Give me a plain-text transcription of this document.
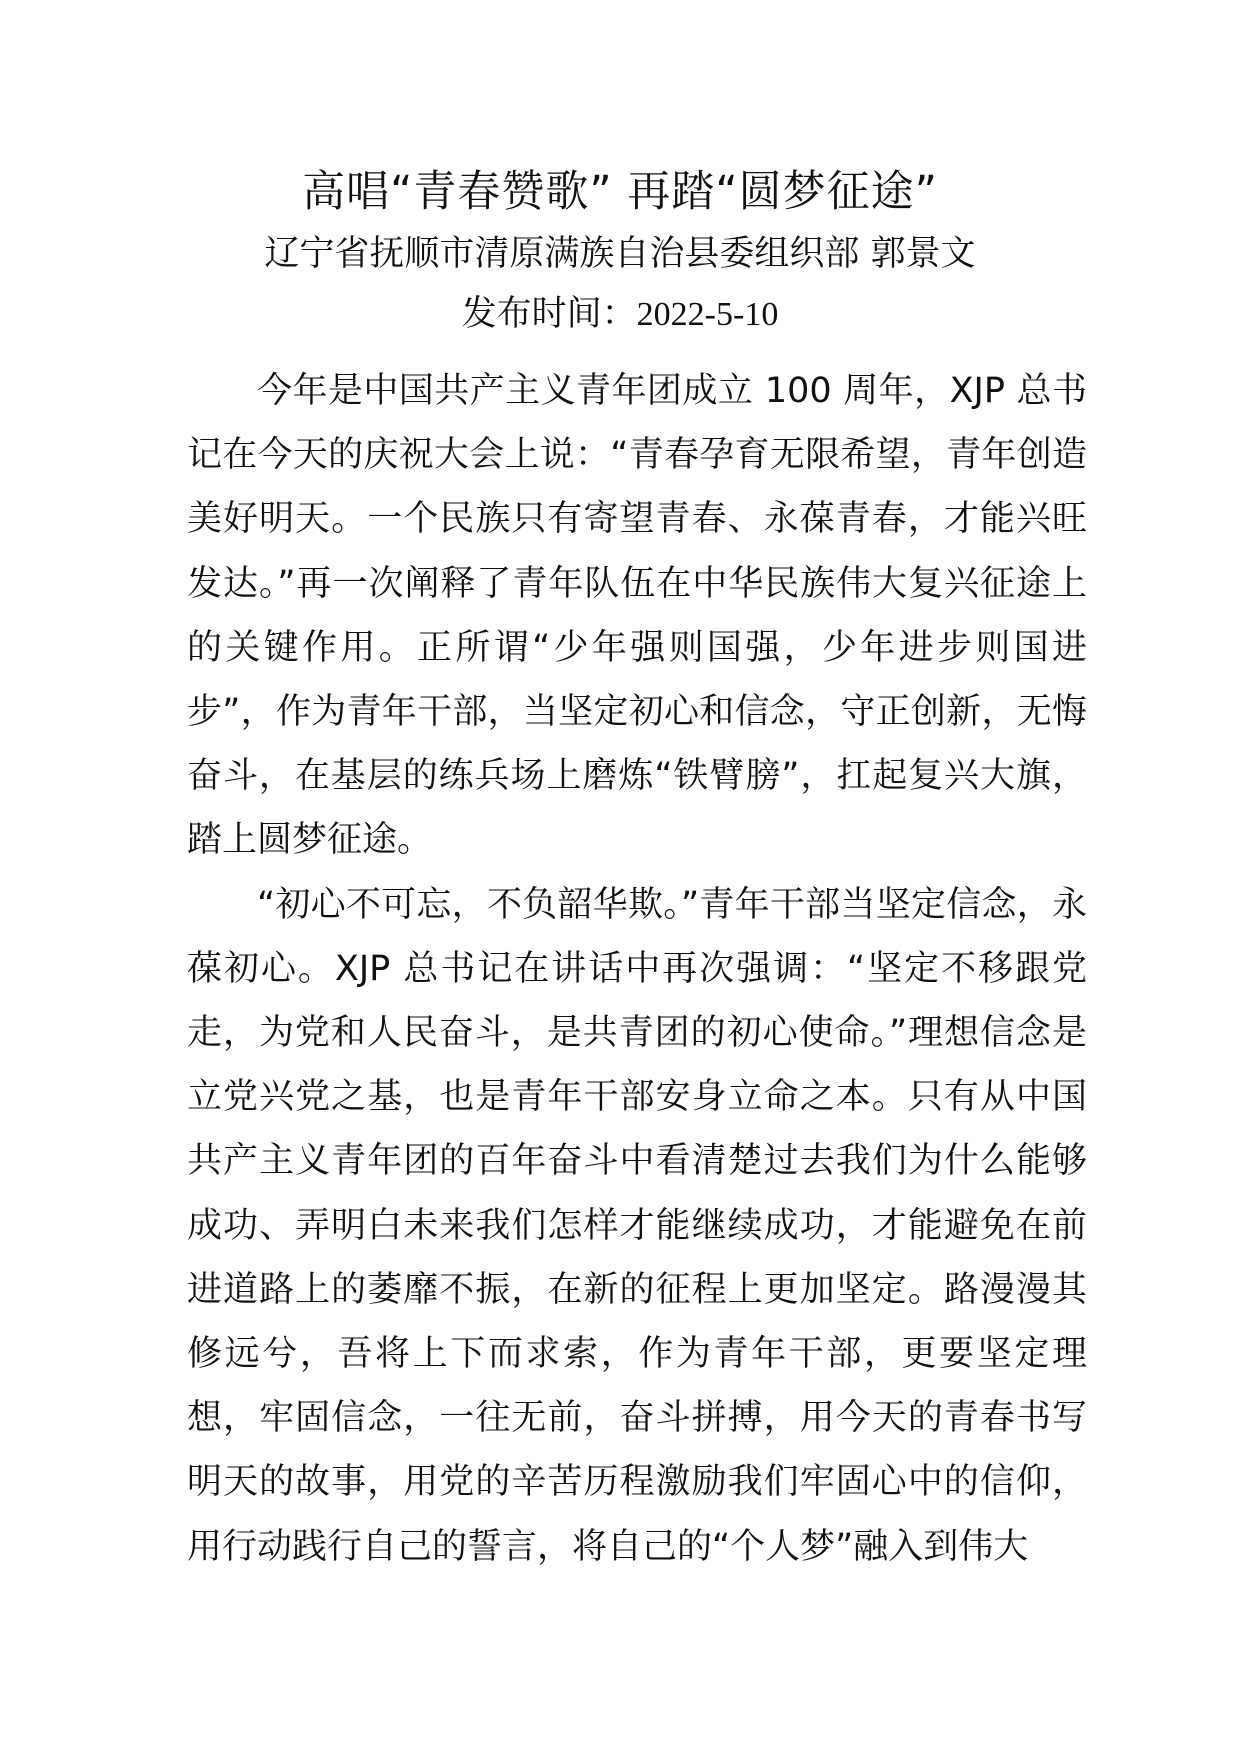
高唱“青春赞歌” 再踏“圆梦征途”

辽宁省抚顺市清原满族自治县委组织部 郭景文

发布时间：2022-5-10

今年是中国共产主义青年团成立 100 周年，XJP 总书记在今天的庆祝大会上说：“青春孕育无限希望，青年创造美好明天。一个民族只有寄望青春、永葆青春，才能兴旺发达。”再一次阐释了青年队伍在中华民族伟大复兴征途上的关键作用。正所谓“少年强则国强，少年进步则国进步”，作为青年干部，当坚定初心和信念，守正创新，无悔奋斗，在基层的练兵场上磨炼“铁臂膀”，扛起复兴大旗，踏上圆梦征途。

“初心不可忘，不负韶华欺。”青年干部当坚定信念，永葆初心。XJP 总书记在讲话中再次强调：“坚定不移跟党走，为党和人民奋斗，是共青团的初心使命。”理想信念是立党兴党之基，也是青年干部安身立命之本。只有从中国共产主义青年团的百年奋斗中看清楚过去我们为什么能够成功、弄明白未来我们怎样才能继续成功，才能避免在前进道路上的萎靡不振，在新的征程上更加坚定。路漫漫其修远兮，吾将上下而求索，作为青年干部，更要坚定理想，牢固信念，一往无前，奋斗拼搏，用今天的青春书写明天的故事，用党的辛苦历程激励我们牢固心中的信仰，用行动践行自己的誓言，将自己的“个人梦”融入到伟大
